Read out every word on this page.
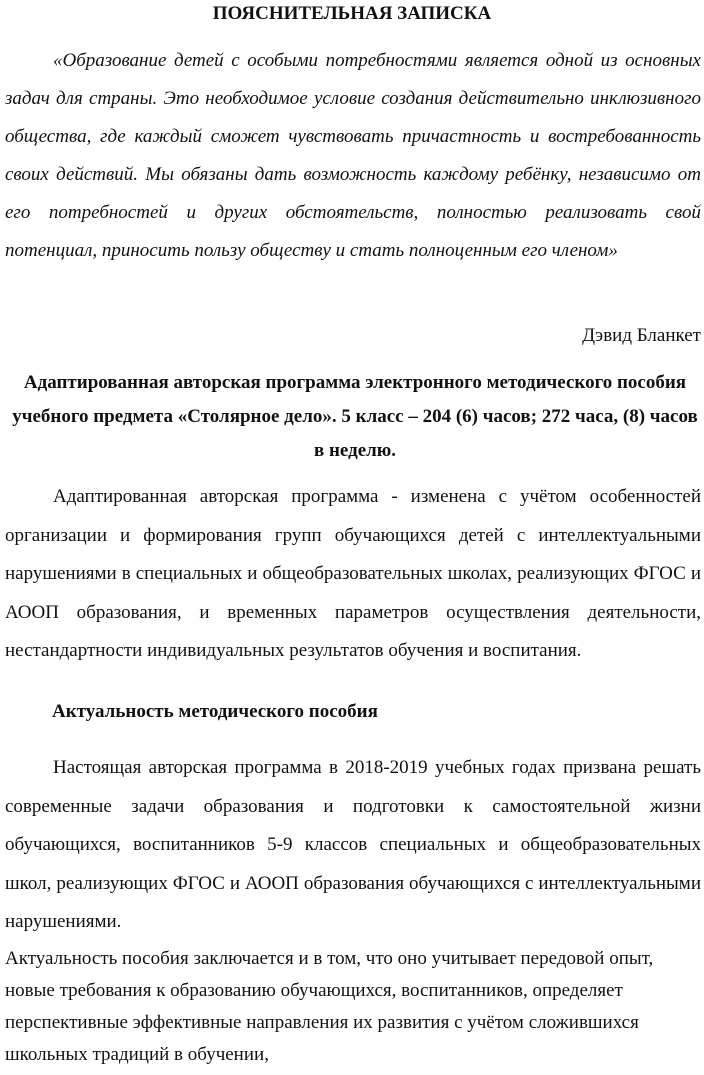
ПОЯСНИТЕЛЬНАЯ ЗАПИСКА

«Образование детей с особыми потребностями является одной из основных задач для страны. Это необходимое условие создания действительно инклюзивного общества, где каждый сможет чувствовать причастность и востребованность своих действий. Мы обязаны дать возможность каждому ребёнку, независимо от его потребностей и других обстоятельств, полностью реализовать свой потенциал, приносить пользу обществу и стать полноценным его членом»

Дэвид Бланкет

Адаптированная авторская программа электронного методического пособия учебного предмета «Столярное дело». 5 класс – 204 (6) часов; 272 часа, (8) часов в неделю.

Адаптированная авторская программа - изменена с учётом особенностей организации и формирования групп обучающихся детей с интеллектуальными нарушениями в специальных и общеобразовательных школах, реализующих ФГОС и АООП образования, и временных параметров осуществления деятельности, нестандартности индивидуальных результатов обучения и воспитания.

Актуальность методического пособия

Настоящая авторская программа в 2018-2019 учебных годах призвана решать современные задачи образования и подготовки к самостоятельной жизни обучающихся, воспитанников 5-9 классов специальных и общеобразовательных школ, реализующих ФГОС и АООП образования обучающихся с интеллектуальными нарушениями.

Актуальность пособия заключается и в том, что оно учитывает передовой опыт, новые требования к образованию обучающихся, воспитанников, определяет перспективные эффективные направления их развития с учётом сложившихся школьных традиций в обучении,
